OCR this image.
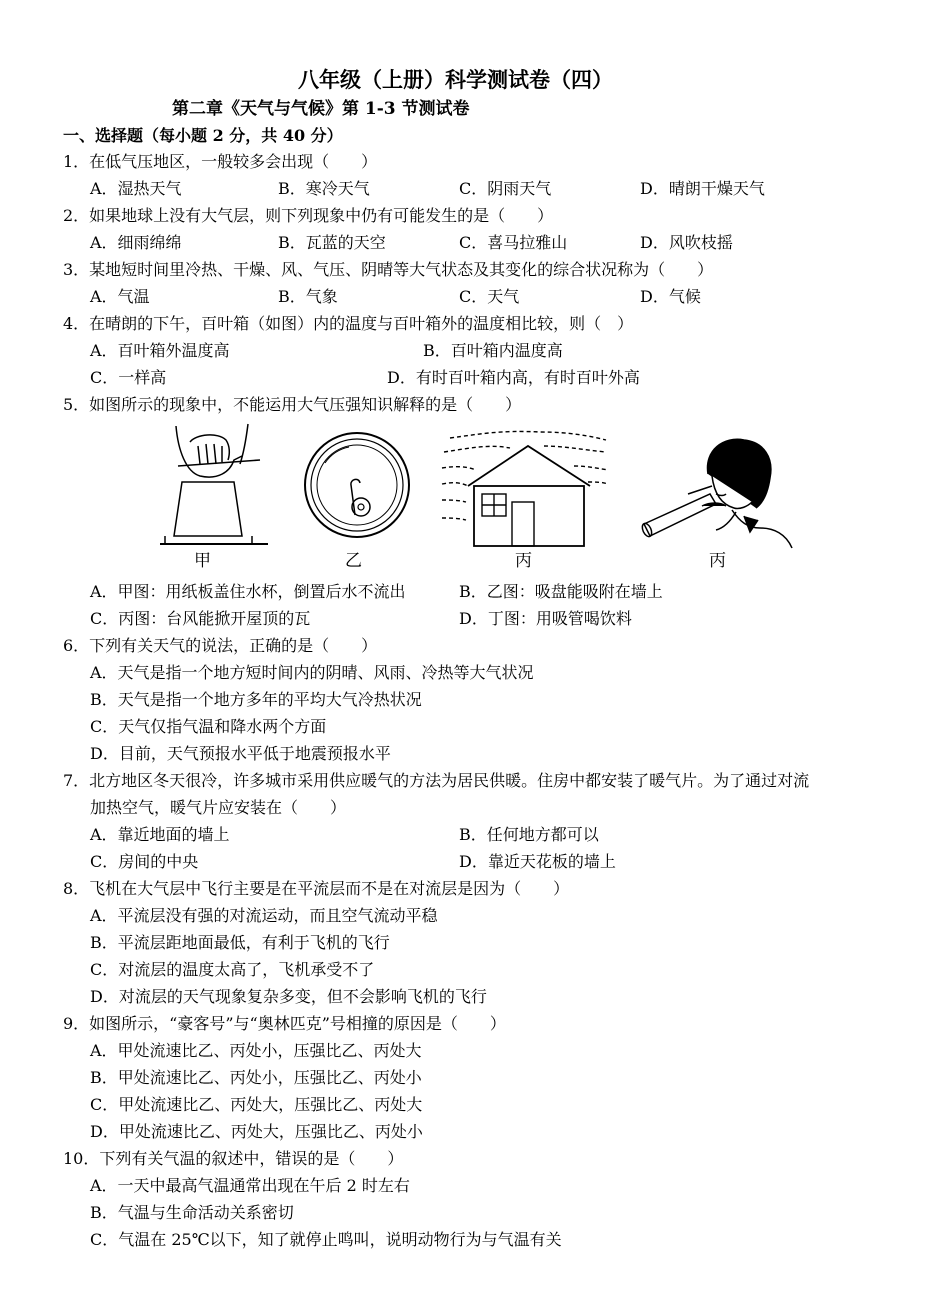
八年级（上册）科学测试卷（四）
第二章《天气与气候》第 1-3 节测试卷
一、选择题（每小题 2 分，共 40 分）
1．在低气压地区，一般较多会出现（　　）
A．湿热天气	B．寒冷天气	C．阴雨天气	D．晴朗干燥天气
2．如果地球上没有大气层，则下列现象中仍有可能发生的是（　　）
A．细雨绵绵	B．瓦蓝的天空	C．喜马拉雅山	D．风吹枝摇
3．某地短时间里冷热、干燥、风、气压、阴晴等大气状态及其变化的综合状况称为（　　）
A．气温	B．气象	C．天气	D．气候
4．在晴朗的下午，百叶箱（如图）内的温度与百叶箱外的温度相比较，则（　）
A．百叶箱外温度高	B．百叶箱内温度高
C．一样高	D．有时百叶箱内高，有时百叶外高
5．如图所示的现象中，不能运用大气压强知识解释的是（　　）
甲	乙	丙	丙
A．甲图：用纸板盖住水杯，倒置后水不流出	B．乙图：吸盘能吸附在墙上
C．丙图：台风能掀开屋顶的瓦	D．丁图：用吸管喝饮料
6．下列有关天气的说法，正确的是（　　）
A．天气是指一个地方短时间内的阴晴、风雨、冷热等大气状况
B．天气是指一个地方多年的平均大气冷热状况
C．天气仅指气温和降水两个方面
D．目前，天气预报水平低于地震预报水平
7．北方地区冬天很冷，许多城市采用供应暖气的方法为居民供暖。住房中都安装了暖气片。为了通过对流
加热空气，暖气片应安装在（　　）
A．靠近地面的墙上	B．任何地方都可以
C．房间的中央	D．靠近天花板的墙上
8．飞机在大气层中飞行主要是在平流层而不是在对流层是因为（　　）
A．平流层没有强的对流运动，而且空气流动平稳
B．平流层距地面最低，有利于飞机的飞行
C．对流层的温度太高了，飞机承受不了
D．对流层的天气现象复杂多变，但不会影响飞机的飞行
9．如图所示，“豪客号”与“奥林匹克”号相撞的原因是（　　）
A．甲处流速比乙、丙处小，压强比乙、丙处大
B．甲处流速比乙、丙处小，压强比乙、丙处小
C．甲处流速比乙、丙处大，压强比乙、丙处大
D．甲处流速比乙、丙处大，压强比乙、丙处小
10．下列有关气温的叙述中，错误的是（　　）
A．一天中最高气温通常出现在午后 2 时左右
B．气温与生命活动关系密切
C．气温在 25℃以下，知了就停止鸣叫，说明动物行为与气温有关
